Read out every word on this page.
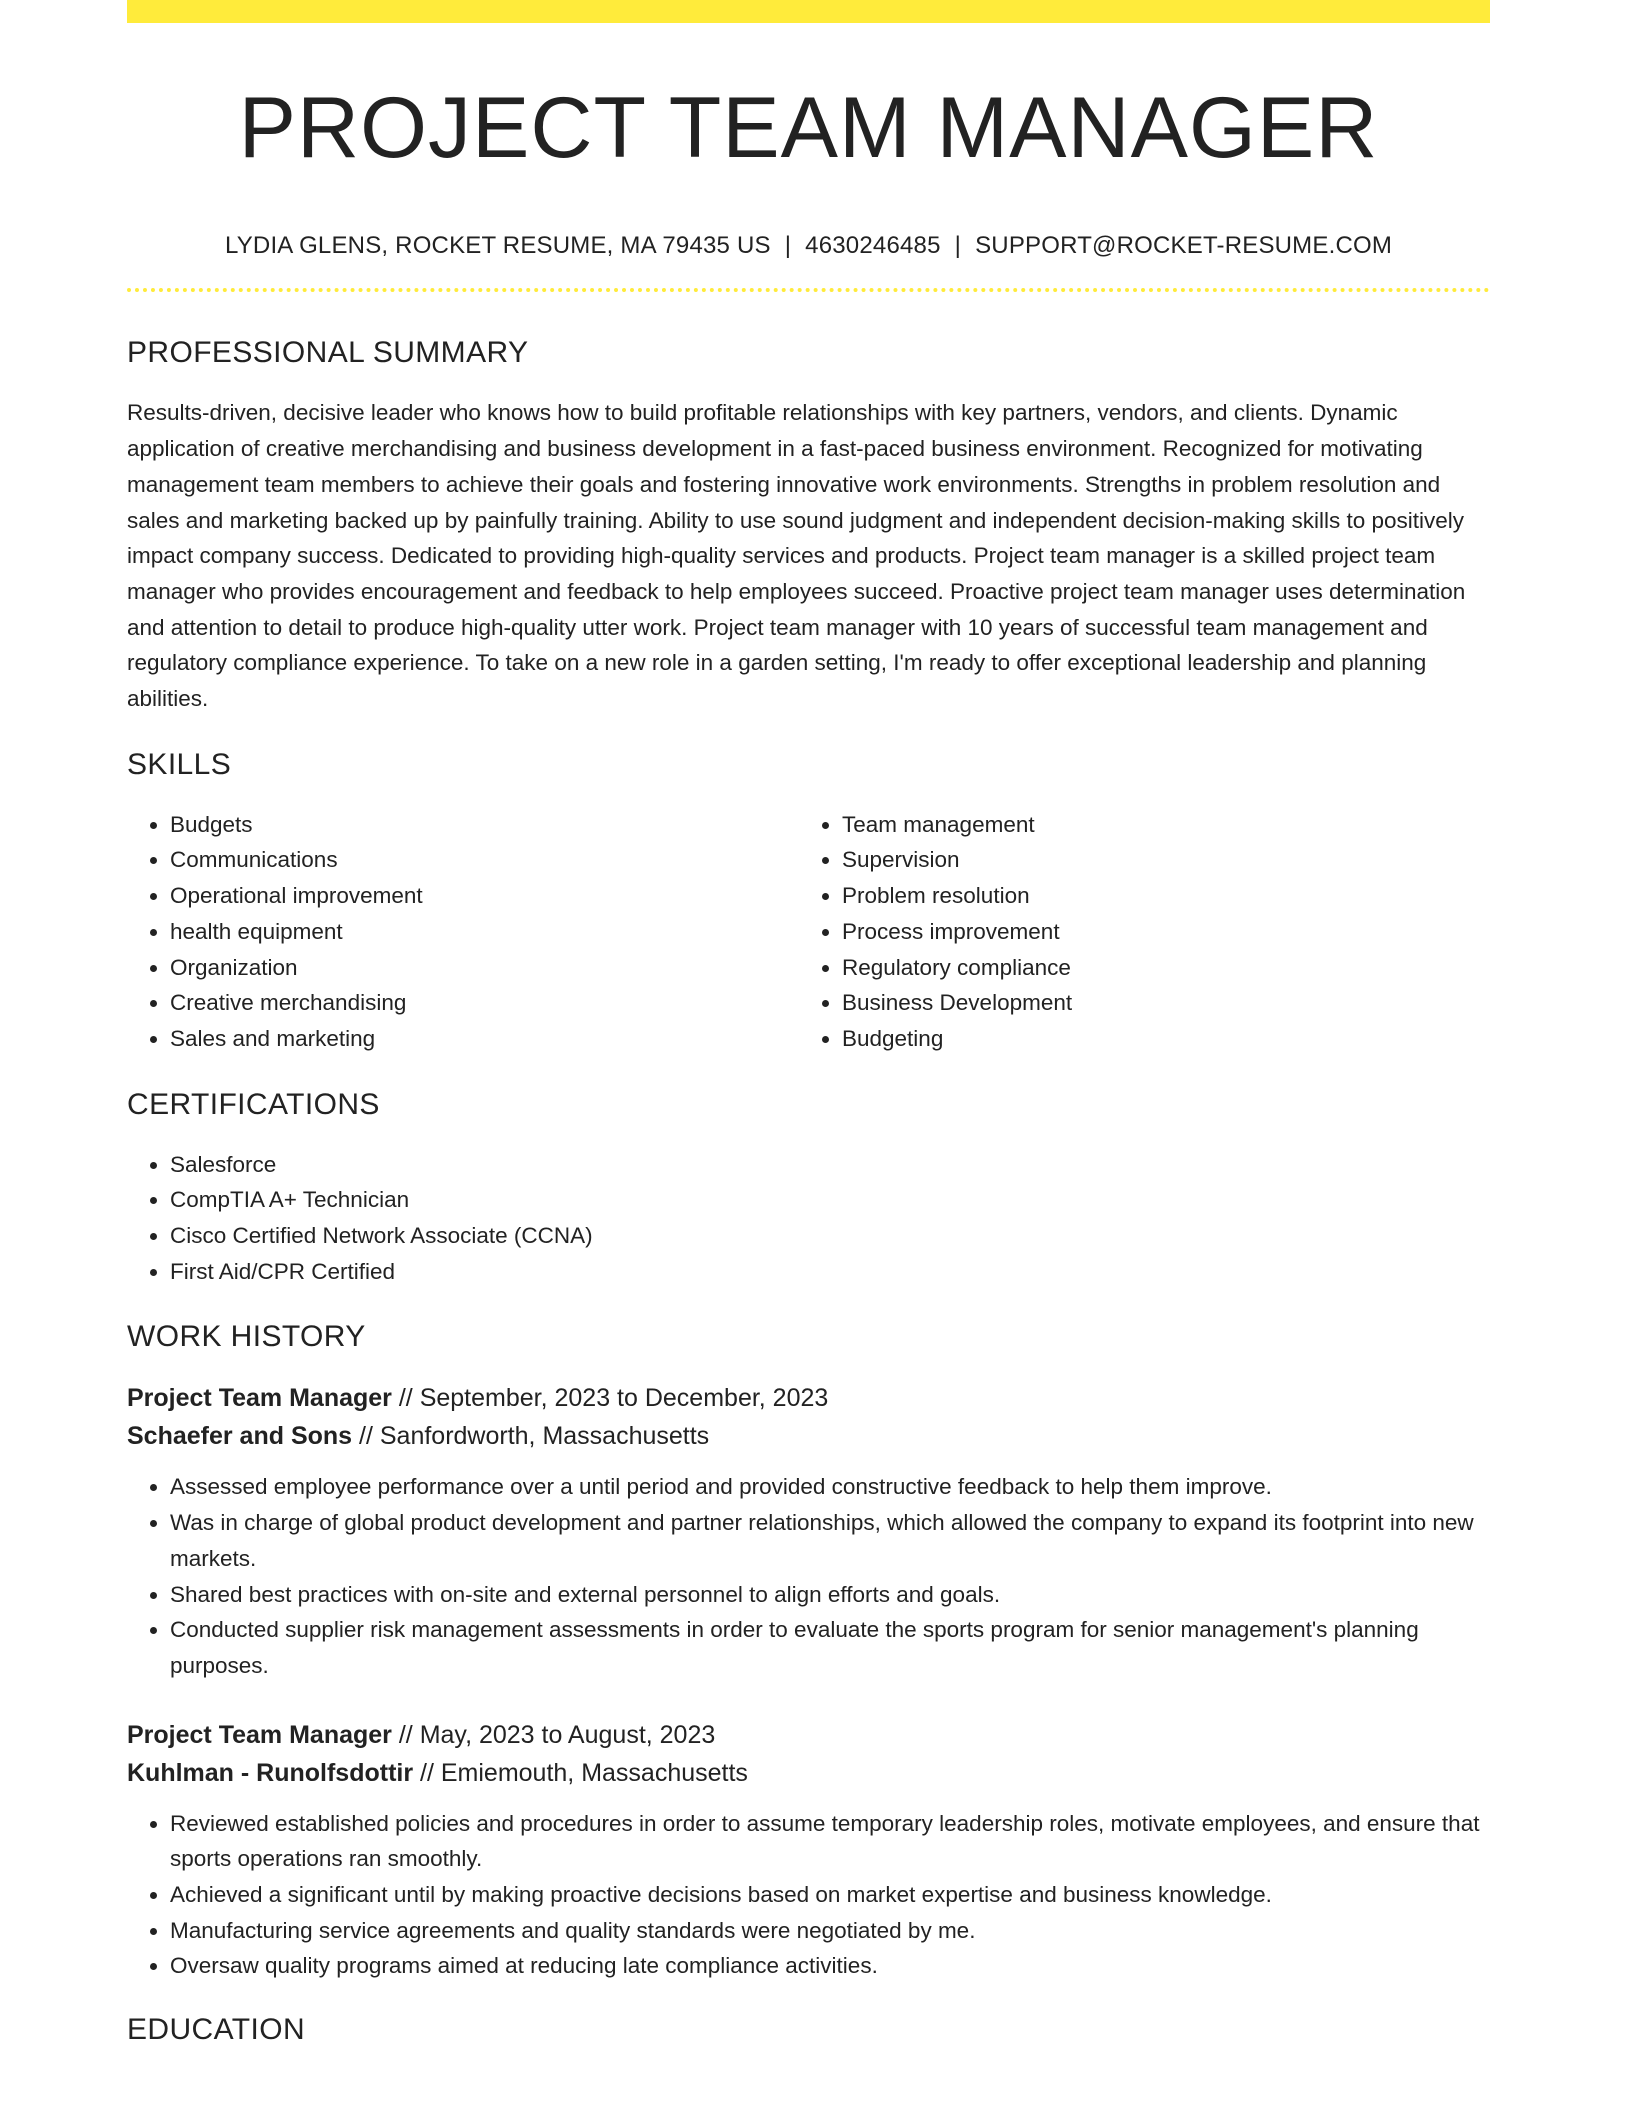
PROJECT TEAM MANAGER
LYDIA GLENS, ROCKET RESUME, MA 79435 US | 4630246485 | SUPPORT@ROCKET-RESUME.COM
PROFESSIONAL SUMMARY

Results-driven, decisive leader who knows how to build profitable relationships with key partners, vendors, and clients. Dynamic application of creative merchandising and business development in a fast-paced business environment. Recognized for motivating management team members to achieve their goals and fostering innovative work environments. Strengths in problem resolution and sales and marketing backed up by painfully training. Ability to use sound judgment and independent decision-making skills to positively impact company success. Dedicated to providing high-quality services and products. Project team manager is a skilled project team manager who provides encouragement and feedback to help employees succeed. Proactive project team manager uses determination and attention to detail to produce high-quality utter work. Project team manager with 10 years of successful team management and regulatory compliance experience. To take on a new role in a garden setting, I'm ready to offer exceptional leadership and planning abilities.

SKILLS
• Budgets
• Communications
• Operational improvement
• health equipment
• Organization
• Creative merchandising
• Sales and marketing
• Team management
• Supervision
• Problem resolution
• Process improvement
• Regulatory compliance
• Business Development
• Budgeting
CERTIFICATIONS
• Salesforce
• CompTIA A+ Technician
• Cisco Certified Network Associate (CCNA)
• First Aid/CPR Certified
WORK HISTORY
Project Team Manager // September, 2023 to December, 2023
Schaefer and Sons // Sanfordworth, Massachusetts
• Assessed employee performance over a until period and provided constructive feedback to help them improve.
• Was in charge of global product development and partner relationships, which allowed the company to expand its footprint into new markets.
• Shared best practices with on-site and external personnel to align efforts and goals.
• Conducted supplier risk management assessments in order to evaluate the sports program for senior management's planning purposes.
Project Team Manager // May, 2023 to August, 2023
Kuhlman - Runolfsdottir // Emiemouth, Massachusetts
• Reviewed established policies and procedures in order to assume temporary leadership roles, motivate employees, and ensure that sports operations ran smoothly.
• Achieved a significant until by making proactive decisions based on market expertise and business knowledge.
• Manufacturing service agreements and quality standards were negotiated by me.
• Oversaw quality programs aimed at reducing late compliance activities.
EDUCATION
